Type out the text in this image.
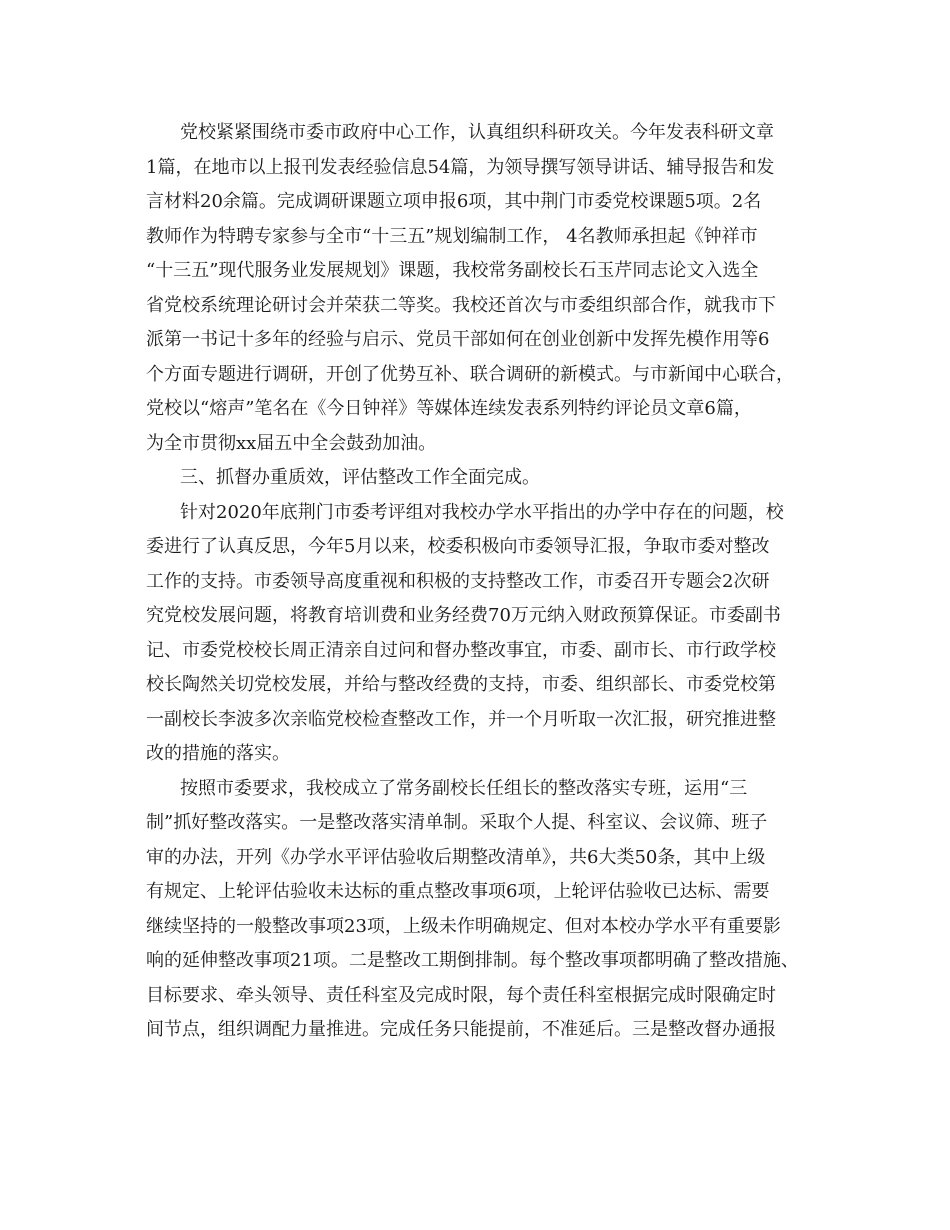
党校紧紧围绕市委市政府中心工作，认真组织科研攻关。今年发表科研文章
1篇，在地市以上报刊发表经验信息54篇，为领导撰写领导讲话、辅导报告和发
言材料20余篇。完成调研课题立项申报6项，其中荆门市委党校课题5项。2名
教师作为特聘专家参与全市“十三五”规划编制工作， 4名教师承担起《钟祥市
“十三五”现代服务业发展规划》课题，我校常务副校长石玉芹同志论文入选全
省党校系统理论研讨会并荣获二等奖。我校还首次与市委组织部合作，就我市下
派第一书记十多年的经验与启示、党员干部如何在创业创新中发挥先模作用等6
个方面专题进行调研，开创了优势互补、联合调研的新模式。与市新闻中心联合，
党校以“熔声”笔名在《今日钟祥》等媒体连续发表系列特约评论员文章6篇，
为全市贯彻xx届五中全会鼓劲加油。
三、抓督办重质效，评估整改工作全面完成。
针对2020年底荆门市委考评组对我校办学水平指出的办学中存在的问题，校
委进行了认真反思，今年5月以来，校委积极向市委领导汇报，争取市委对整改
工作的支持。市委领导高度重视和积极的支持整改工作，市委召开专题会2次研
究党校发展问题，将教育培训费和业务经费70万元纳入财政预算保证。市委副书
记、市委党校校长周正清亲自过问和督办整改事宜，市委、副市长、市行政学校
校长陶然关切党校发展，并给与整改经费的支持，市委、组织部长、市委党校第
一副校长李波多次亲临党校检查整改工作，并一个月听取一次汇报，研究推进整
改的措施的落实。
按照市委要求，我校成立了常务副校长任组长的整改落实专班，运用“三
制”抓好整改落实。一是整改落实清单制。采取个人提、科室议、会议筛、班子
审的办法，开列《办学水平评估验收后期整改清单》，共6大类50条，其中上级
有规定、上轮评估验收未达标的重点整改事项6项，上轮评估验收已达标、需要
继续坚持的一般整改事项23项，上级未作明确规定、但对本校办学水平有重要影
响的延伸整改事项21项。二是整改工期倒排制。每个整改事项都明确了整改措施、
目标要求、牵头领导、责任科室及完成时限，每个责任科室根据完成时限确定时
间节点，组织调配力量推进。完成任务只能提前，不准延后。三是整改督办通报
